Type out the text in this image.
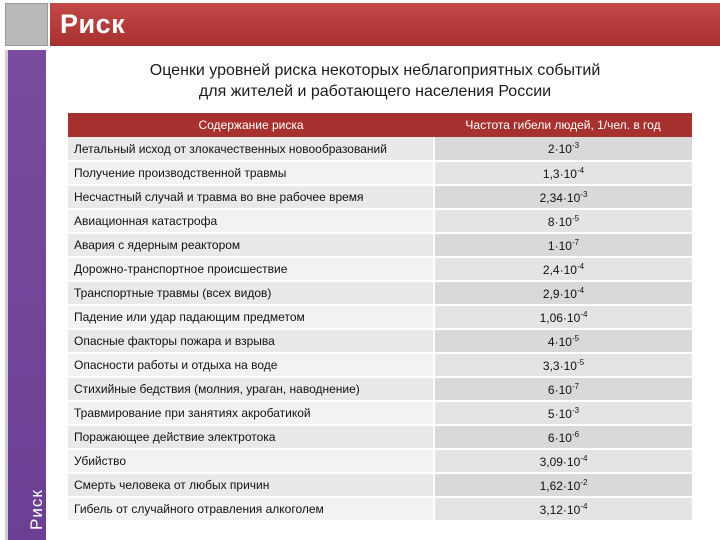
Риск
Риск
Оценки уровней риска некоторых неблагоприятных событий
для жителей и работающего населения России
Содержание риска	Частота гибели людей, 1/чел. в год
Летальный исход от злокачественных новообразований	$2\cdot 10^{-3}$
Получение производственной травмы	$1,3\cdot 10^{-4}$
Несчастный случай и травма во вне рабочее время	$2,34\cdot 10^{-3}$
Авиационная катастрофа	$8\cdot 10^{-5}$
Авария с ядерным реактором	$1\cdot 10^{-7}$
Дорожно-транспортное происшествие	$2,4\cdot 10^{-4}$
Транспортные травмы (всех видов)	$2,9\cdot 10^{-4}$
Падение или удар падающим предметом	$1,06\cdot 10^{-4}$
Опасные факторы пожара и взрыва	$4\cdot 10^{-5}$
Опасности работы и отдыха на воде	$3,3\cdot 10^{-5}$
Стихийные бедствия (молния, ураган, наводнение)	$6\cdot 10^{-7}$
Травмирование при занятиях акробатикой	$5\cdot 10^{-3}$
Поражающее действие электротока	$6\cdot 10^{-6}$
Убийство	$3,09\cdot 10^{-4}$
Смерть человека от любых причин	$1,62\cdot 10^{-2}$
Гибель от случайного отравления алкоголем	$3,12\cdot 10^{-4}$
